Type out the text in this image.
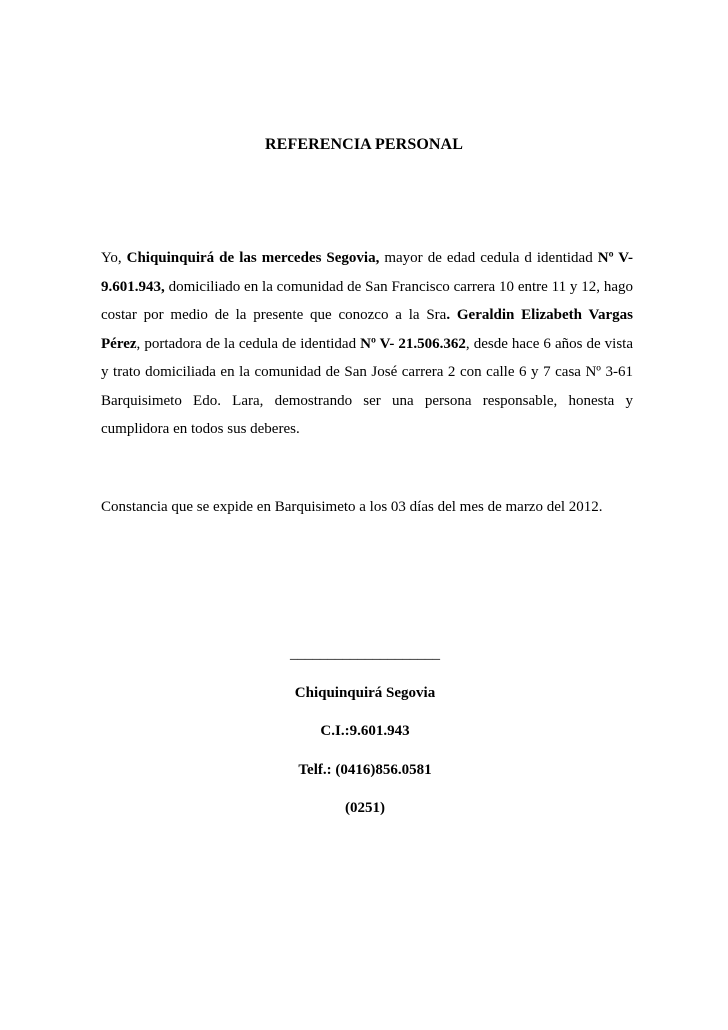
REFERENCIA PERSONAL
Yo, Chiquinquirá de las mercedes Segovia, mayor de edad cedula d identidad Nº V-9.601.943, domiciliado en la comunidad de San Francisco carrera 10 entre 11 y 12, hago costar por medio de la presente que conozco a la Sra. Geraldin Elizabeth Vargas Pérez, portadora de la cedula de identidad Nº V- 21.506.362, desde hace 6 años de vista y trato domiciliada en la comunidad de San José carrera 2 con calle 6 y 7 casa Nº 3-61 Barquisimeto Edo. Lara, demostrando ser una persona responsable, honesta y cumplidora en todos sus deberes.
Constancia que se expide en Barquisimeto a los 03 días del mes de marzo del 2012.
____________________
Chiquinquirá Segovia
C.I.:9.601.943
Telf.: (0416)856.0581
(0251)
